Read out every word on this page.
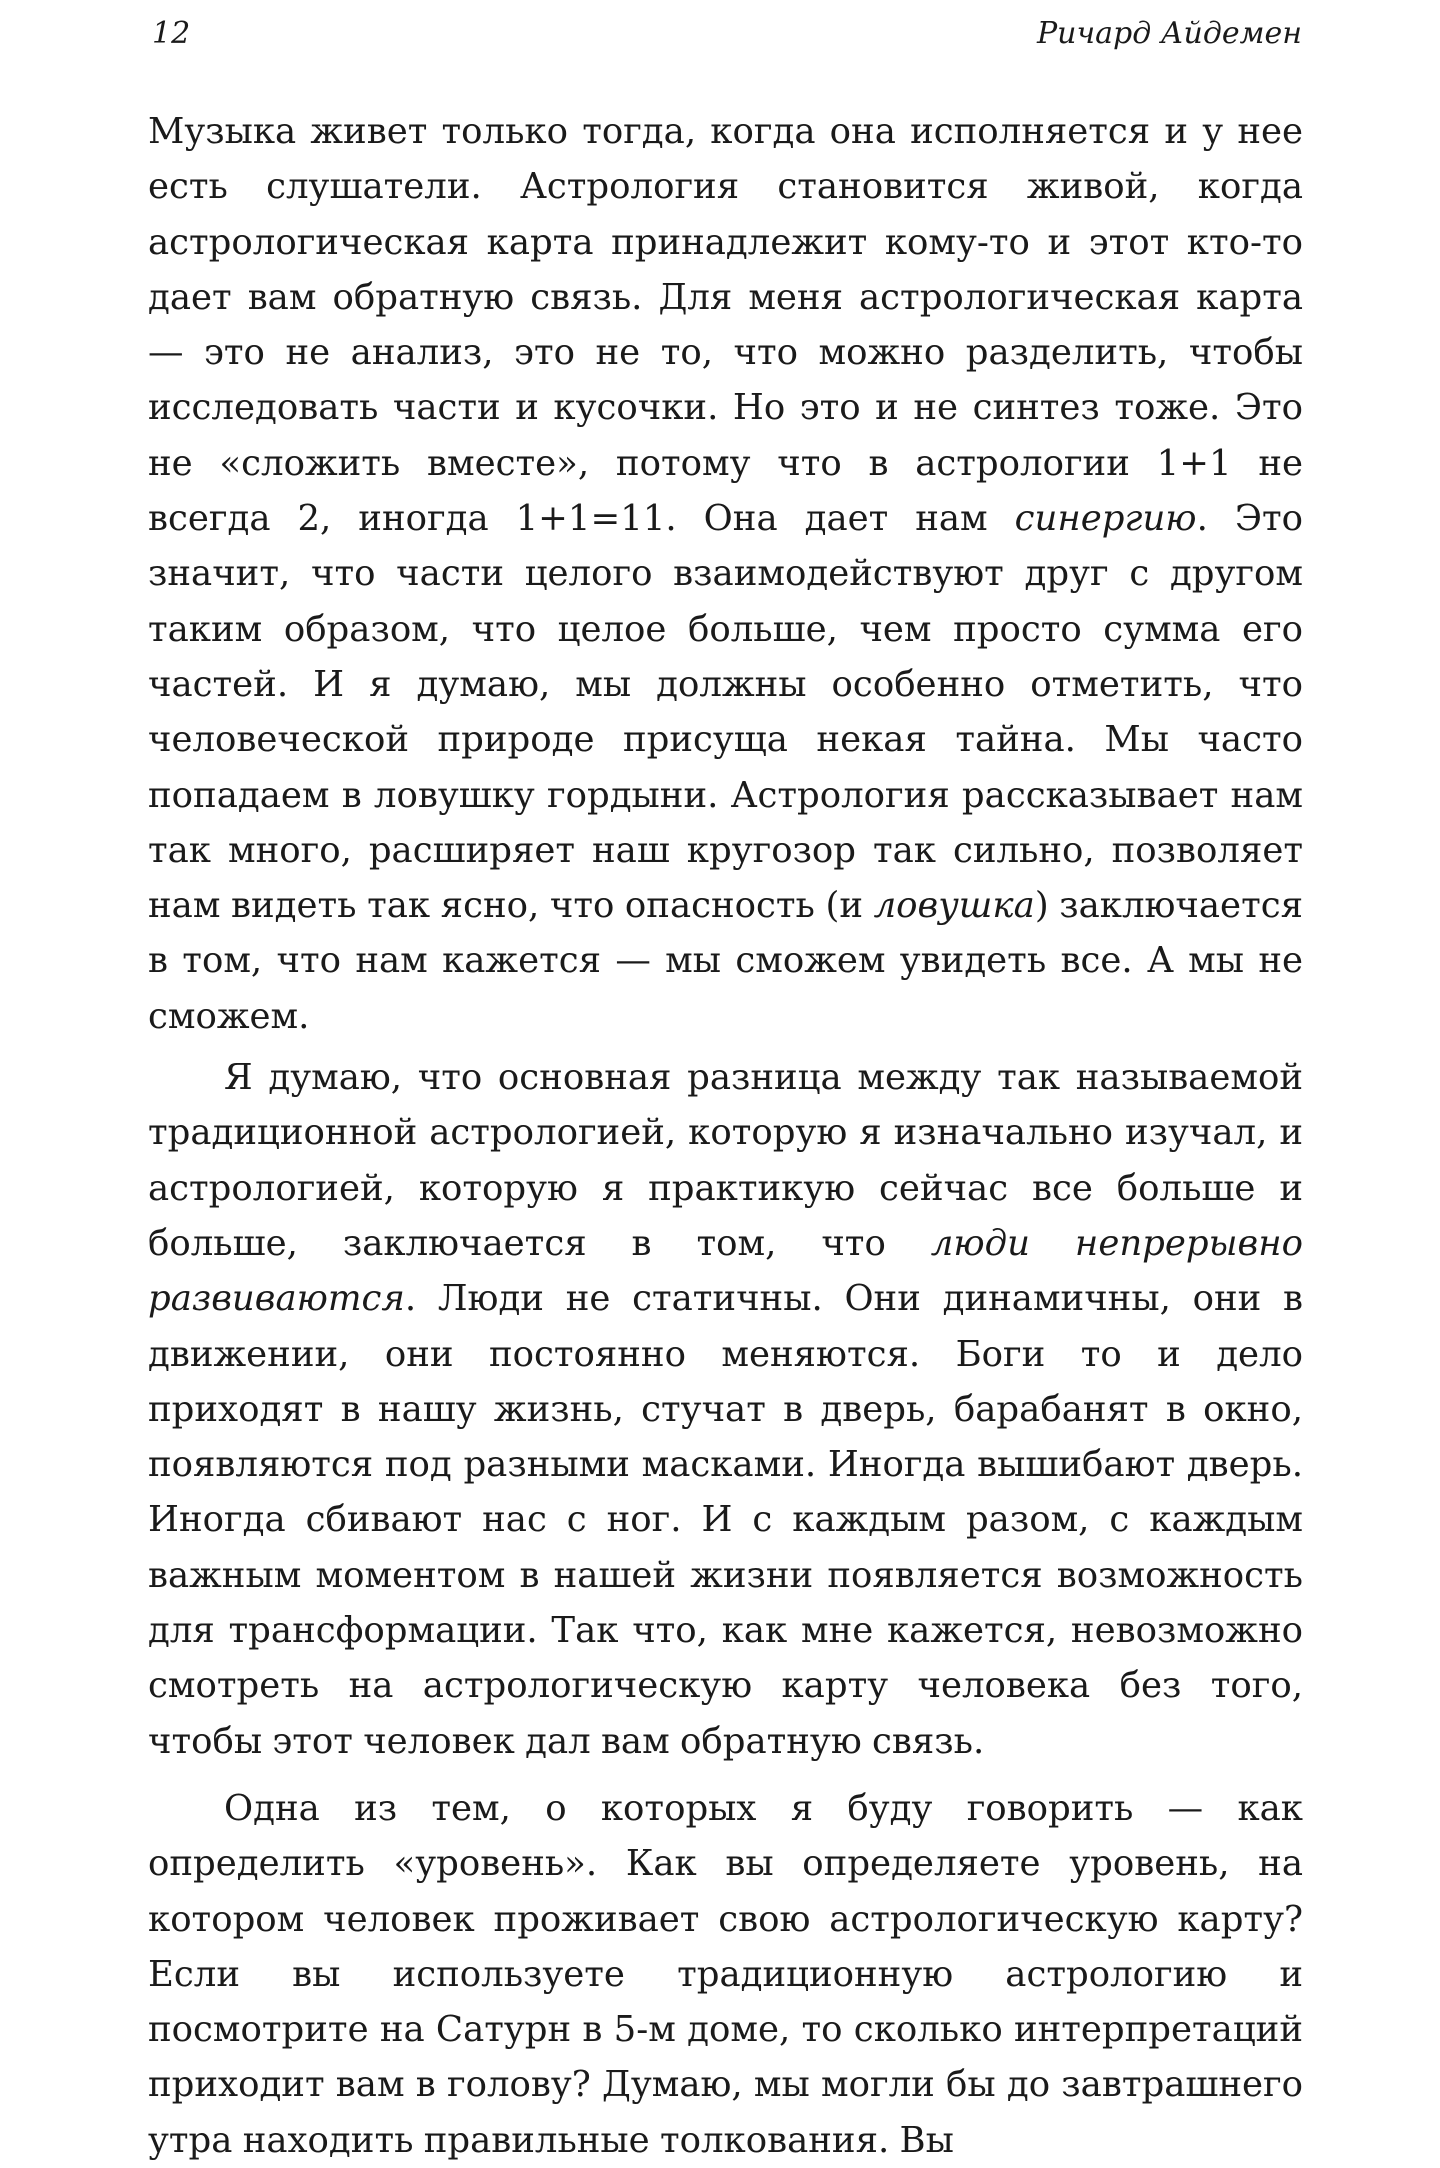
12	Ричард Айдемен

Музыка живет только тогда, когда она исполняется и у нее есть слушатели. Астрология становится живой, когда астрологическая карта принадлежит кому-то и этот кто-то дает вам обратную связь. Для меня астрологическая карта — это не анализ, это не то, что можно разделить, чтобы исследовать части и кусочки. Но это и не синтез тоже. Это не «сложить вместе», потому что в астрологии 1+1 не всегда 2, иногда 1+1=11. Она дает нам синергию. Это значит, что части целого взаимодействуют друг с другом таким образом, что целое больше, чем просто сумма его частей. И я думаю, мы должны особенно отметить, что человеческой природе присуща некая тайна. Мы часто попадаем в ловушку гордыни. Астрология рассказывает нам так много, расширяет наш кругозор так сильно, позволяет нам видеть так ясно, что опасность (и ловушка) заключается в том, что нам кажется — мы сможем увидеть все. А мы не сможем.

Я думаю, что основная разница между так называемой традиционной астрологией, которую я изначально изучал, и астрологией, которую я практикую сейчас все больше и больше, заключается в том, что люди непрерывно развиваются. Люди не статичны. Они динамичны, они в движении, они постоянно меняются. Боги то и дело приходят в нашу жизнь, стучат в дверь, барабанят в окно, появляются под разными масками. Иногда вышибают дверь. Иногда сбивают нас с ног. И с каждым разом, с каждым важным моментом в нашей жизни появляется возможность для трансформации. Так что, как мне кажется, невозможно смотреть на астрологическую карту человека без того, чтобы этот человек дал вам обратную связь.

Одна из тем, о которых я буду говорить — как определить «уровень». Как вы определяете уровень, на котором человек проживает свою астрологическую карту? Если вы используете традиционную астрологию и посмотрите на Сатурн в 5-м доме, то сколько интерпретаций приходит вам в голову? Думаю, мы могли бы до завтрашнего утра находить правильные толкования. Вы
